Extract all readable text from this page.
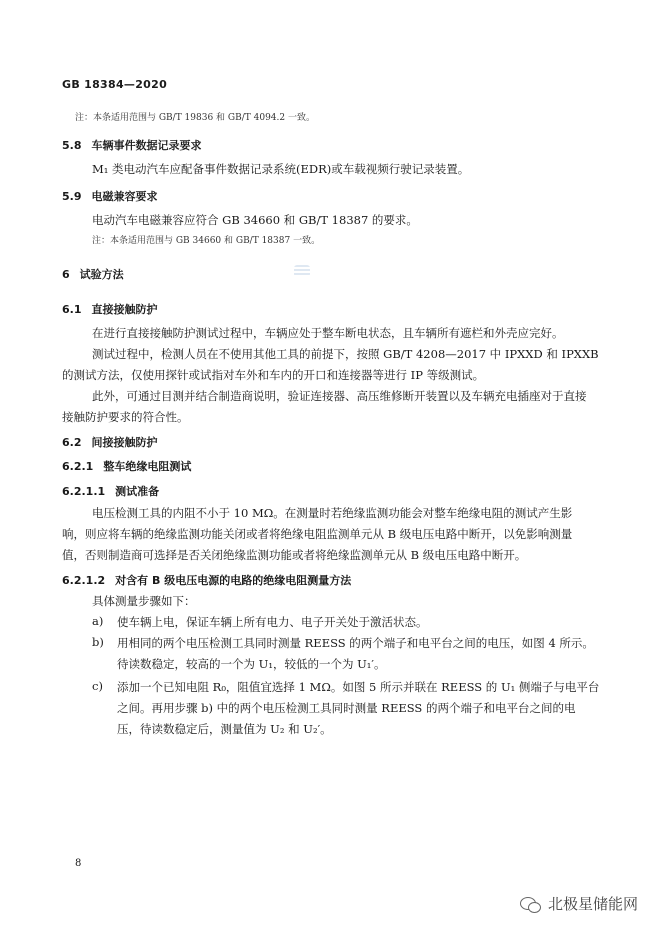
GB 18384—2020
注：本条适用范围与 GB/T 19836 和 GB/T 4094.2 一致。
5.8 车辆事件数据记录要求
M₁ 类电动汽车应配备事件数据记录系统(EDR)或车载视频行驶记录装置。
5.9 电磁兼容要求
电动汽车电磁兼容应符合 GB 34660 和 GB/T 18387 的要求。
注：本条适用范围与 GB 34660 和 GB/T 18387 一致。
6 试验方法
6.1 直接接触防护
在进行直接接触防护测试过程中，车辆应处于整车断电状态，且车辆所有遮栏和外壳应完好。
测试过程中，检测人员在不使用其他工具的前提下，按照 GB/T 4208—2017 中 IPXXD 和 IPXXB
的测试方法，仅使用探针或试指对车外和车内的开口和连接器等进行 IP 等级测试。
此外，可通过目测并结合制造商说明，验证连接器、高压维修断开装置以及车辆充电插座对于直接
接触防护要求的符合性。
6.2 间接接触防护
6.2.1 整车绝缘电阻测试
6.2.1.1 测试准备
电压检测工具的内阻不小于 10 MΩ。在测量时若绝缘监测功能会对整车绝缘电阻的测试产生影
响，则应将车辆的绝缘监测功能关闭或者将绝缘电阻监测单元从 B 级电压电路中断开，以免影响测量
值，否则制造商可选择是否关闭绝缘监测功能或者将绝缘监测单元从 B 级电压电路中断开。
6.2.1.2 对含有 B 级电压电源的电路的绝缘电阻测量方法
具体测量步骤如下：
a) 使车辆上电，保证车辆上所有电力、电子开关处于激活状态。
b) 用相同的两个电压检测工具同时测量 REESS 的两个端子和电平台之间的电压，如图 4 所示。
待读数稳定，较高的一个为 U₁，较低的一个为 U₁′。
c) 添加一个已知电阻 R₀，阻值宜选择 1 MΩ。如图 5 所示并联在 REESS 的 U₁ 侧端子与电平台
之间。再用步骤 b) 中的两个电压检测工具同时测量 REESS 的两个端子和电平台之间的电
压，待读数稳定后，测量值为 U₂ 和 U₂′。
8
北极星储能网
